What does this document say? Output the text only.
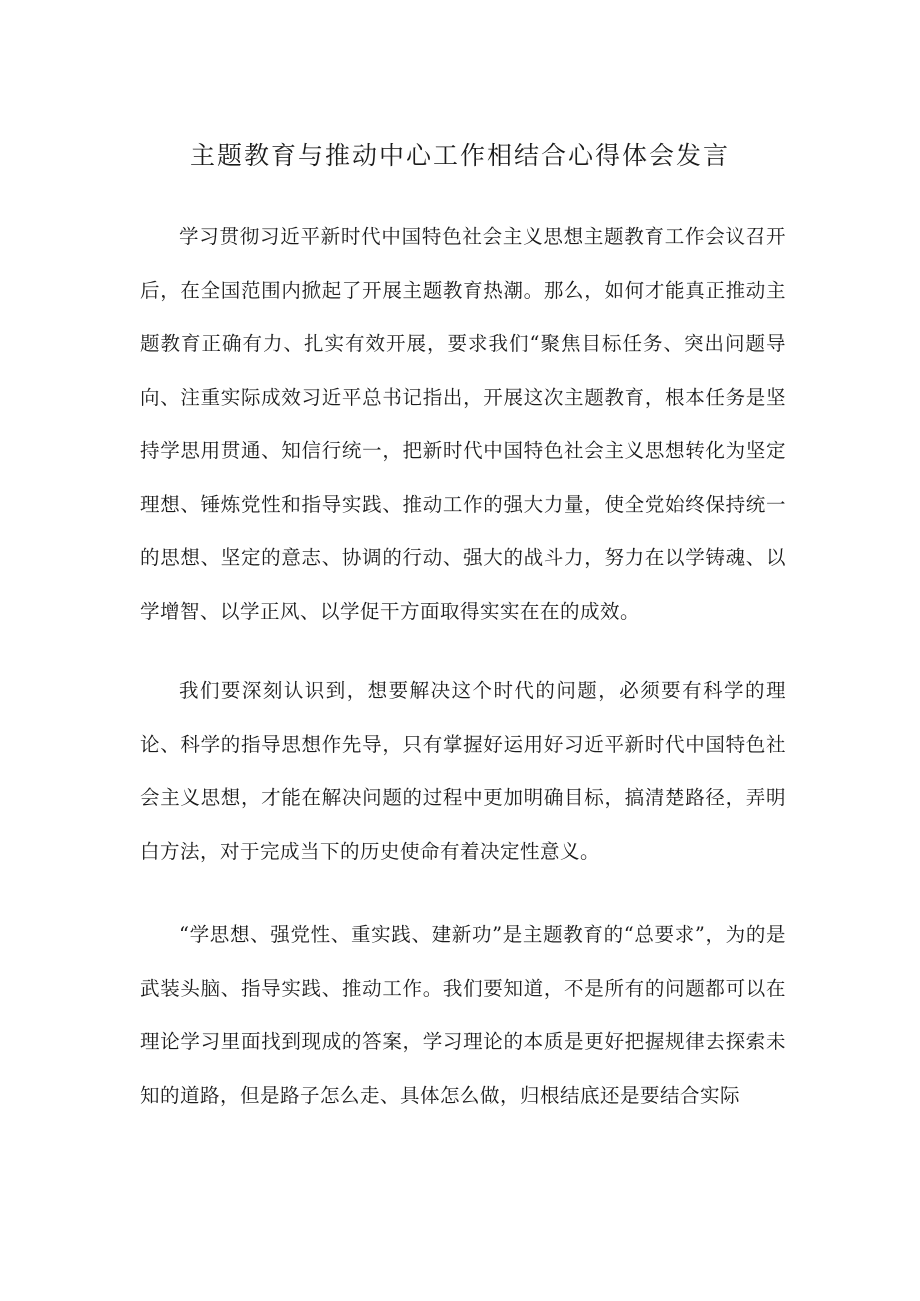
主题教育与推动中心工作相结合心得体会发言

学习贯彻习近平新时代中国特色社会主义思想主题教育工作会议召开后，在全国范围内掀起了开展主题教育热潮。那么，如何才能真正推动主题教育正确有力、扎实有效开展，要求我们“聚焦目标任务、突出问题导向、注重实际成效习近平总书记指出，开展这次主题教育，根本任务是坚持学思用贯通、知信行统一，把新时代中国特色社会主义思想转化为坚定理想、锤炼党性和指导实践、推动工作的强大力量，使全党始终保持统一的思想、坚定的意志、协调的行动、强大的战斗力，努力在以学铸魂、以学增智、以学正风、以学促干方面取得实实在在的成效。

我们要深刻认识到，想要解决这个时代的问题，必须要有科学的理论、科学的指导思想作先导，只有掌握好运用好习近平新时代中国特色社会主义思想，才能在解决问题的过程中更加明确目标，搞清楚路径，弄明白方法，对于完成当下的历史使命有着决定性意义。

“学思想、强党性、重实践、建新功”是主题教育的“总要求”，为的是武装头脑、指导实践、推动工作。我们要知道，不是所有的问题都可以在理论学习里面找到现成的答案，学习理论的本质是更好把握规律去探索未知的道路，但是路子怎么走、具体怎么做，归根结底还是要结合实际
